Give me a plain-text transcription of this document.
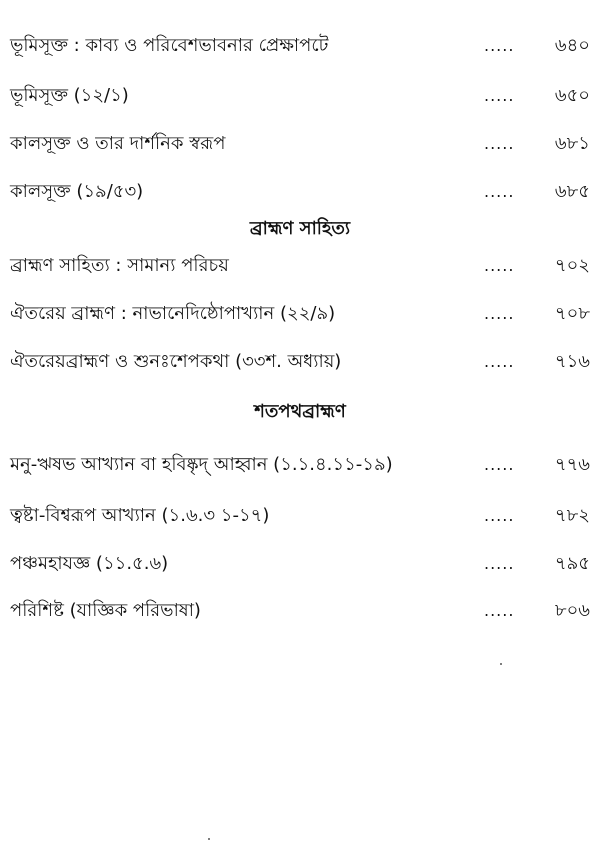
ভূমিসূক্ত : কাব্য ও পরিবেশভাবনার প্রেক্ষাপটে	..... ৬৪০
ভূমিসূক্ত (১২/১)	..... ৬৫০
কালসূক্ত ও তার দার্শনিক স্বরূপ	..... ৬৮১
কালসূক্ত (১৯/৫৩)	..... ৬৮৫
ব্রাহ্মণ সাহিত্য
ব্রাহ্মণ সাহিত্য : সামান্য পরিচয়	..... ৭০২
ঐতরেয় ব্রাহ্মণ : নাভানেদিষ্ঠোপাখ্যান (২২/৯)	..... ৭০৮
ঐতরেয়ব্রাহ্মণ ও শুনঃশেপকথা (৩৩শ. অধ্যায়)	..... ৭১৬
শতপথব্রাহ্মণ
মনু-ঋষভ আখ্যান বা হবিষ্কৃদ্ আহ্বান (১.১.৪.১১-১৯)	..... ৭৭৬
ত্বষ্টা-বিশ্বরূপ আখ্যান (১.৬.৩ ১-১৭)	..... ৭৮২
পঞ্চমহাযজ্ঞ (১১.৫.৬)	..... ৭৯৫
পরিশিষ্ট (যাজ্ঞিক পরিভাষা)	..... ৮০৬
